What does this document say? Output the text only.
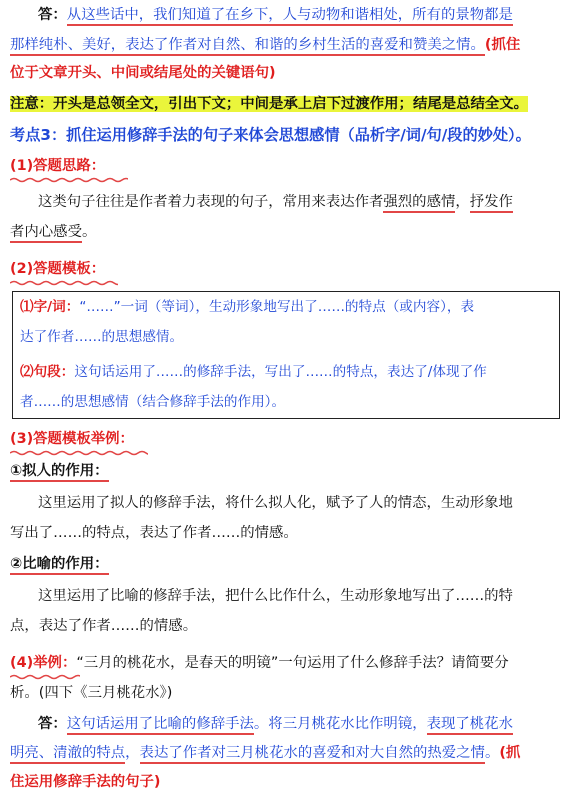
答：从这些话中，我们知道了在乡下，人与动物和谐相处，所有的景物都是
那样纯朴、美好，表达了作者对自然、和谐的乡村生活的喜爱和赞美之情。(抓住
位于文章开头、中间或结尾处的关键语句)
注意：开头是总领全文，引出下文；中间是承上启下过渡作用；结尾是总结全文。
考点3：抓住运用修辞手法的句子来体会思想感情（品析字/词/句/段的妙处）。
(1)答题思路：
这类句子往往是作者着力表现的句子，常用来表达作者强烈的感情，抒发作
者内心感受。
(2)答题模板：
⑴字/词：“……”一词（等词），生动形象地写出了……的特点（或内容），表
达了作者……的思想感情。
⑵句段：这句话运用了……的修辞手法，写出了……的特点，表达了/体现了作
者……的思想感情（结合修辞手法的作用）。
(3)答题模板举例：
①拟人的作用：
这里运用了拟人的修辞手法，将什么拟人化，赋予了人的情态，生动形象地
写出了……的特点，表达了作者……的情感。
②比喻的作用：
这里运用了比喻的修辞手法，把什么比作什么，生动形象地写出了……的特
点，表达了作者……的情感。
(4)举例：“三月的桃花水，是春天的明镜”一句运用了什么修辞手法？请简要分
析。(四下《三月桃花水》)
答：这句话运用了比喻的修辞手法。将三月桃花水比作明镜，表现了桃花水
明亮、清澈的特点，表达了作者对三月桃花水的喜爱和对大自然的热爱之情。(抓
住运用修辞手法的句子)
